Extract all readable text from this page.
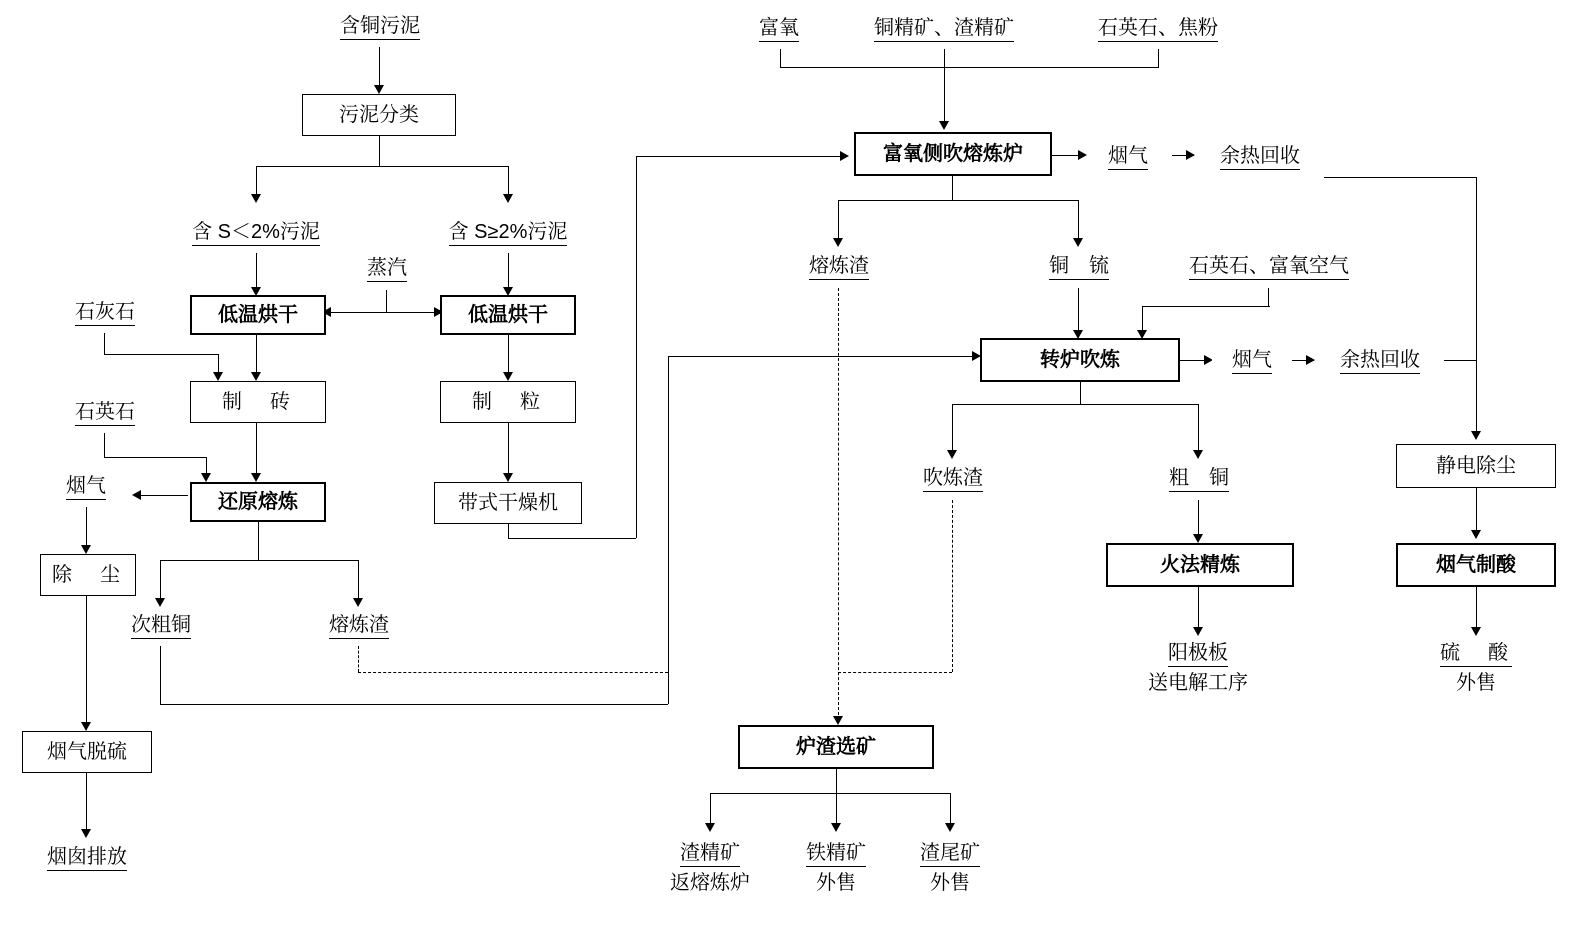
含铜污泥
污泥分类
含 S＜2%污泥	含 S≥2%污泥
蒸汽
低温烘干	低温烘干
石灰石
制　砖	制　粒
石英石
还原熔炼	带式干燥机
烟气
除　尘
烟气脱硫
烟囱排放
次粗铜	熔炼渣
富氧	铜精矿、渣精矿	石英石、焦粉
富氧侧吹熔炼炉	烟气	余热回收
熔炼渣	铜　锍	石英石、富氧空气
转炉吹炼	烟气	余热回收
吹炼渣	粗　铜
火法精炼
阳极板
送电解工序
静电除尘
烟气制酸
硫　酸
外售
炉渣选矿
渣精矿
返熔炼炉
铁精矿
外售
渣尾矿
外售
